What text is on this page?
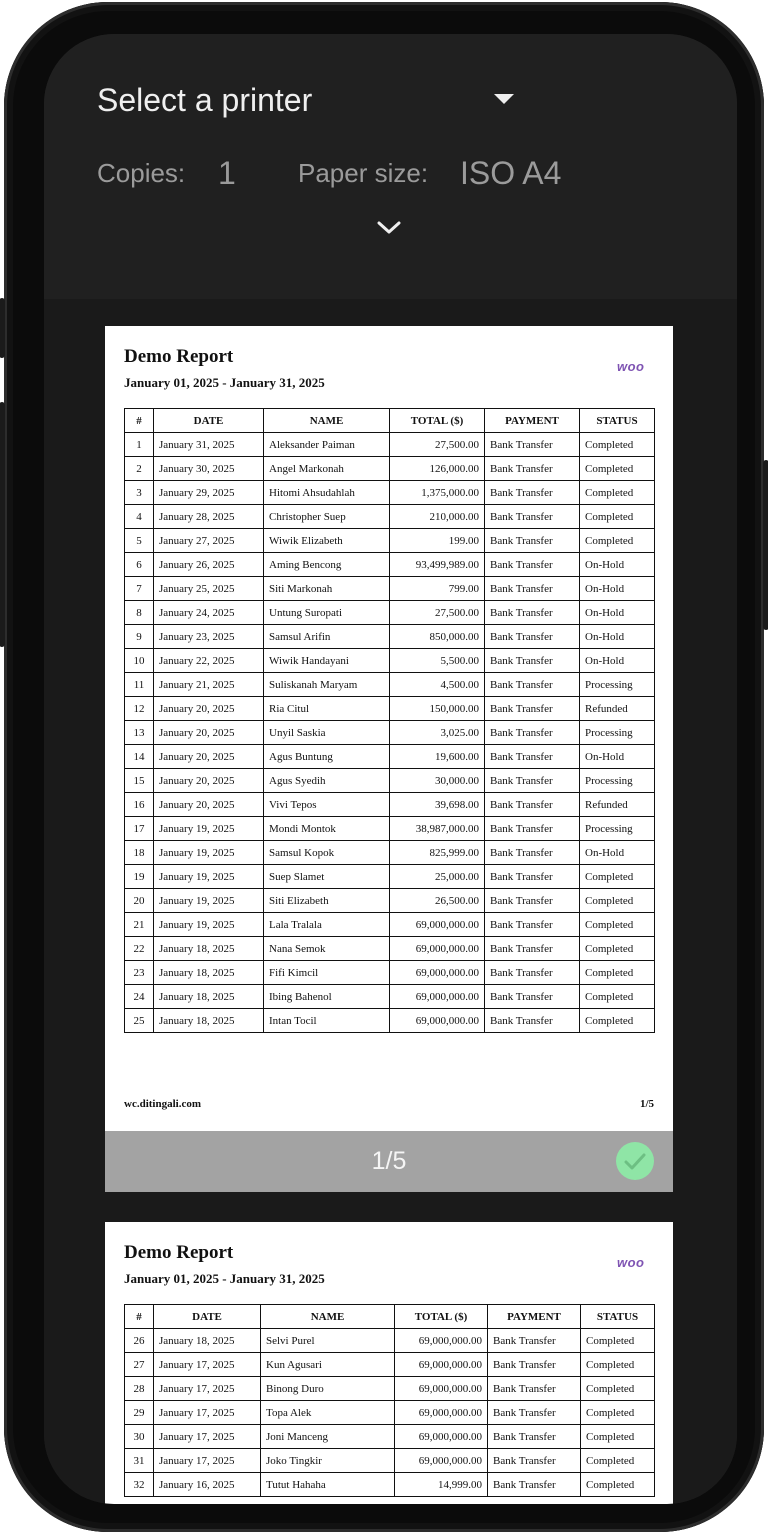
Select a printer
Copies: 1 Paper size: ISO A4
Demo Report
January 01, 2025 - January 31, 2025
woo
#	DATE	NAME	TOTAL ($)	PAYMENT	STATUS
1	January 31, 2025	Aleksander Paiman	27,500.00	Bank Transfer	Completed
2	January 30, 2025	Angel Markonah	126,000.00	Bank Transfer	Completed
3	January 29, 2025	Hitomi Ahsudahlah	1,375,000.00	Bank Transfer	Completed
4	January 28, 2025	Christopher Suep	210,000.00	Bank Transfer	Completed
5	January 27, 2025	Wiwik Elizabeth	199.00	Bank Transfer	Completed
6	January 26, 2025	Aming Bencong	93,499,989.00	Bank Transfer	On-Hold
7	January 25, 2025	Siti Markonah	799.00	Bank Transfer	On-Hold
8	January 24, 2025	Untung Suropati	27,500.00	Bank Transfer	On-Hold
9	January 23, 2025	Samsul Arifin	850,000.00	Bank Transfer	On-Hold
10	January 22, 2025	Wiwik Handayani	5,500.00	Bank Transfer	On-Hold
11	January 21, 2025	Suliskanah Maryam	4,500.00	Bank Transfer	Processing
12	January 20, 2025	Ria Citul	150,000.00	Bank Transfer	Refunded
13	January 20, 2025	Unyil Saskia	3,025.00	Bank Transfer	Processing
14	January 20, 2025	Agus Buntung	19,600.00	Bank Transfer	On-Hold
15	January 20, 2025	Agus Syedih	30,000.00	Bank Transfer	Processing
16	January 20, 2025	Vivi Tepos	39,698.00	Bank Transfer	Refunded
17	January 19, 2025	Mondi Montok	38,987,000.00	Bank Transfer	Processing
18	January 19, 2025	Samsul Kopok	825,999.00	Bank Transfer	On-Hold
19	January 19, 2025	Suep Slamet	25,000.00	Bank Transfer	Completed
20	January 19, 2025	Siti Elizabeth	26,500.00	Bank Transfer	Completed
21	January 19, 2025	Lala Tralala	69,000,000.00	Bank Transfer	Completed
22	January 18, 2025	Nana Semok	69,000,000.00	Bank Transfer	Completed
23	January 18, 2025	Fifi Kimcil	69,000,000.00	Bank Transfer	Completed
24	January 18, 2025	Ibing Bahenol	69,000,000.00	Bank Transfer	Completed
25	January 18, 2025	Intan Tocil	69,000,000.00	Bank Transfer	Completed
wc.ditingali.com	1/5
1/5
Demo Report
January 01, 2025 - January 31, 2025
woo
#	DATE	NAME	TOTAL ($)	PAYMENT	STATUS
26	January 18, 2025	Selvi Purel	69,000,000.00	Bank Transfer	Completed
27	January 17, 2025	Kun Agusari	69,000,000.00	Bank Transfer	Completed
28	January 17, 2025	Binong Duro	69,000,000.00	Bank Transfer	Completed
29	January 17, 2025	Topa Alek	69,000,000.00	Bank Transfer	Completed
30	January 17, 2025	Joni Manceng	69,000,000.00	Bank Transfer	Completed
31	January 17, 2025	Joko Tingkir	69,000,000.00	Bank Transfer	Completed
32	January 16, 2025	Tutut Hahaha	14,999.00	Bank Transfer	Completed
